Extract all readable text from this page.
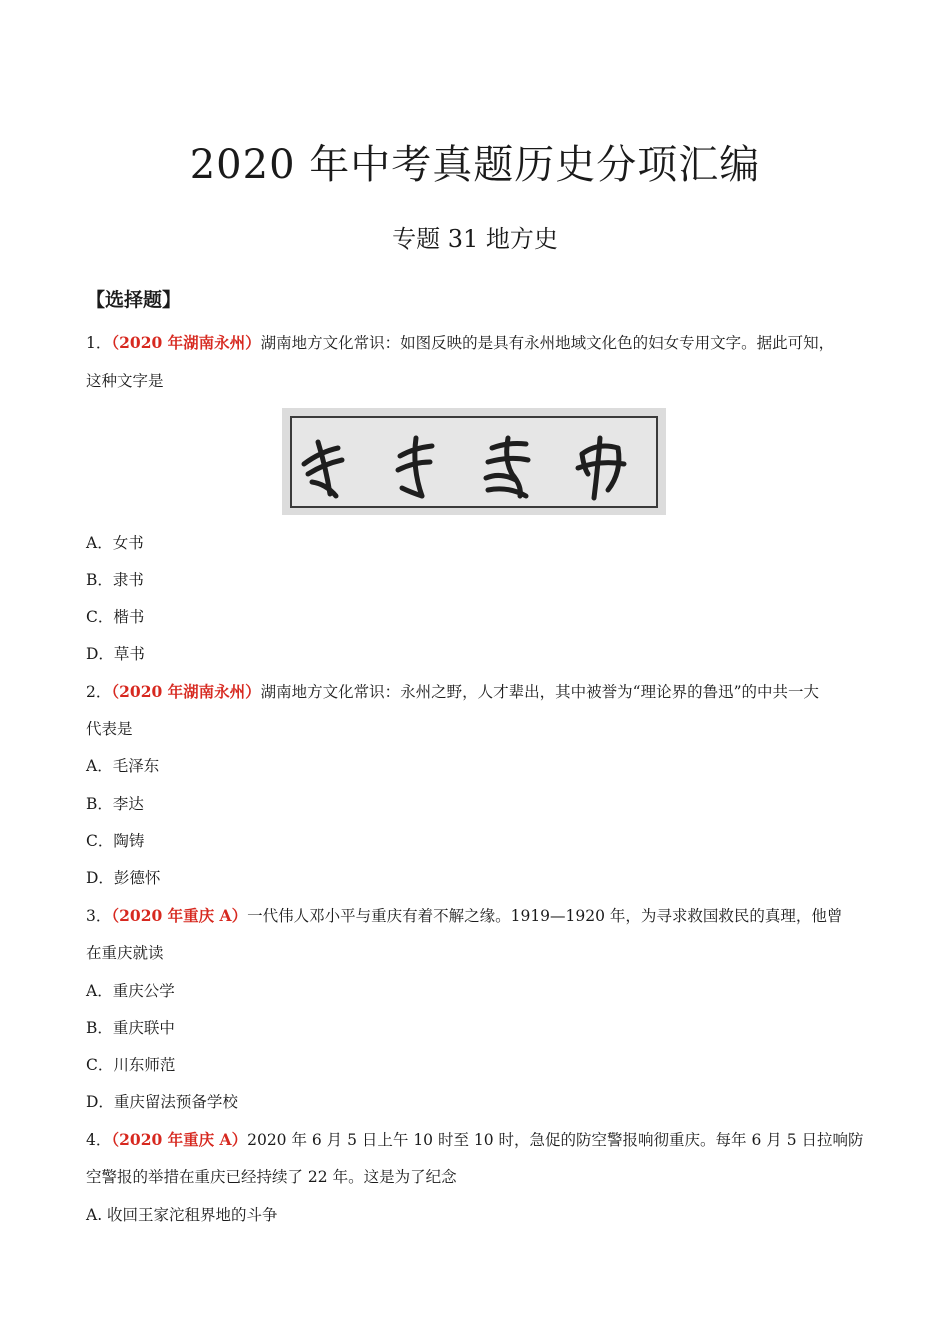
2020 年中考真题历史分项汇编
专题 31 地方史
【选择题】
1．（2020 年湖南永州）湖南地方文化常识：如图反映的是具有永州地域文化色的妇女专用文字。据此可知，
这种文字是
A．女书
B．隶书
C．楷书
D．草书
2．（2020 年湖南永州）湖南地方文化常识：永州之野，人才辈出，其中被誉为“理论界的鲁迅”的中共一大
代表是
A．毛泽东
B．李达
C．陶铸
D．彭德怀
3．（2020 年重庆 A）一代伟人邓小平与重庆有着不解之缘。1919—1920 年，为寻求救国救民的真理，他曾
在重庆就读
A．重庆公学
B．重庆联中
C．川东师范
D．重庆留法预备学校
4．（2020 年重庆 A）2020 年 6 月 5 日上午 10 时至 10 时，急促的防空警报响彻重庆。每年 6 月 5 日拉响防
空警报的举措在重庆已经持续了 22 年。这是为了纪念
A. 收回王家沱租界地的斗争
